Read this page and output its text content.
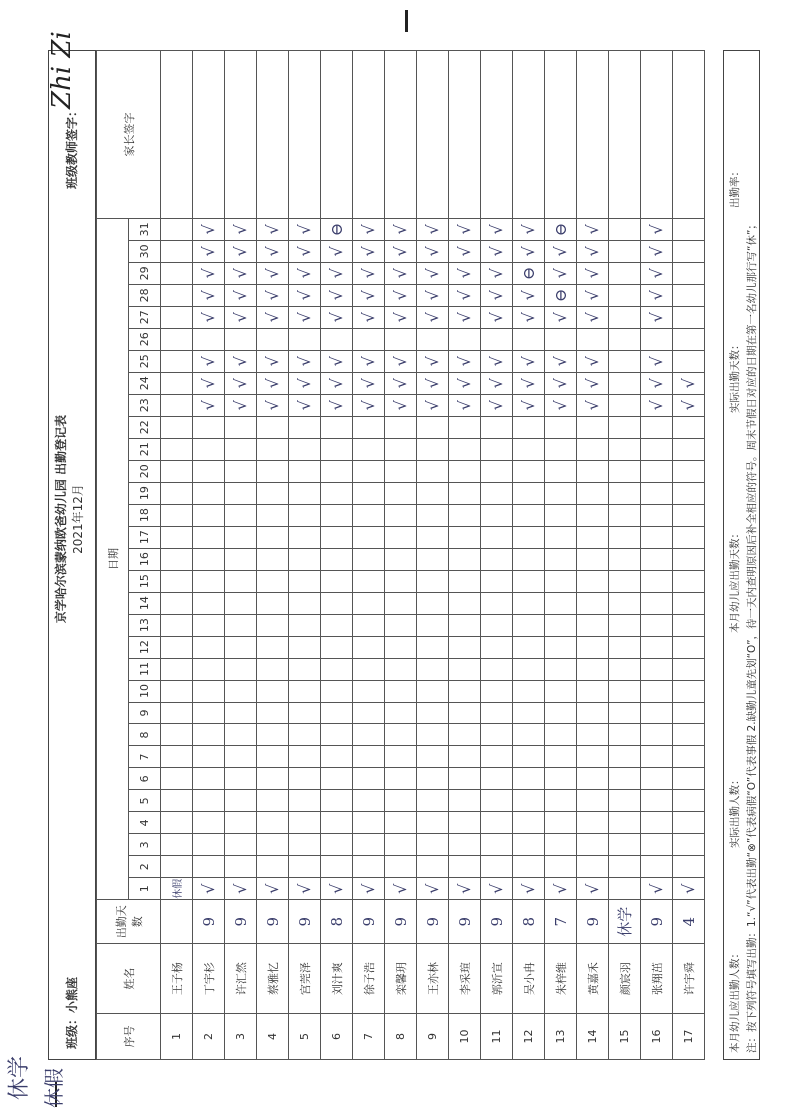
休学 休假
班级：小熊座
京学哈尔滨蒙纳欧爸幼儿园 出勤登记表 2021年12月
班级教师签字：
Zhi Zi
序号	姓名	出勤天数	日期																															家长签字
			1	2	3	4	5	6	7	8	9	10	11	12	13	14	15	16	17	18	19	20	21	22	23	24	25	26	27	28	29	30	31	
1	王子杨		休假																															
2	丁宇杉	9	√																						√	√	√		√	√	√	√	√	
3	许汇然	9	√																						√	√	√		√	√	√	√	√	
4	蔡雅忆	9	√																						√	√	√		√	√	√	√	√	
5	宫莞泽	9	√																						√	√	√		√	√	√	√	√	
6	刘汁爽	8	√																						√	√	√		√	√	√	√	⊖	
7	徐子浩	9	√																						√	√	√		√	√	√	√	√	
8	栾馨玥	9	√																						√	√	√		√	√	√	√	√	
9	王亦林	9	√																						√	√	√		√	√	√	√	√	
10	李采瑄	9	√																						√	√	√		√	√	√	√	√	
11	郭沂宣	9	√																						√	√	√		√	√	√	√	√	
12	吴小冉	8	√																						√	√	√		√	√	⊖	√	√	
13	朱梓维	7	√																						√	√	√		√	⊖	√	√	⊖	
14	黄嘉禾	9	√																						√	√	√		√	√	√	√	√	
15	颜宸羽	休学																																
16	张翔茁	9	√																						√	√	√		√	√	√	√	√	
17	许宇舜	4	√																						√	√								
本月幼儿应出勤人数：
实际出勤人数：
本月幼儿应出勤天数：
实际出勤天数：
出勤率：
注：按下列符号填写出勤：1.“√”代表出勤“⊗”代表病假“O”代表事假 2.缺勤儿童先划“O”，待一天内查明原因后补全相应的符号。周末节假日对应的日期在第一名幼儿那行写“休”；
